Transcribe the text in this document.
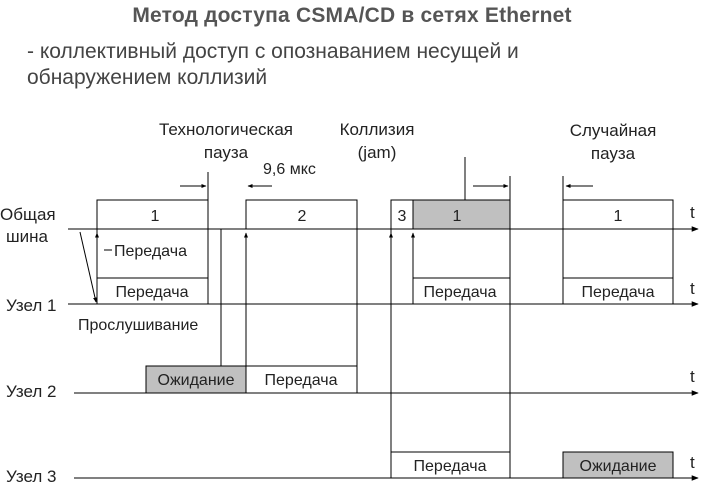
Метод доступа CSMA/CD в сетях Ethernet
- коллективный доступ с опознаванием несущей и
обнаружением коллизий
Общая
шина
Узел 1
Узел 2
Узел 3
t
t
t
t
1	2	3	1	1
Передача
Передача
Прослушивание
Ожидание Передача
Технологическая
пауза
9,6 мкс
Коллизия
(jam)
Передача
Передача
Случайная
пауза
Передача
Ожидание
